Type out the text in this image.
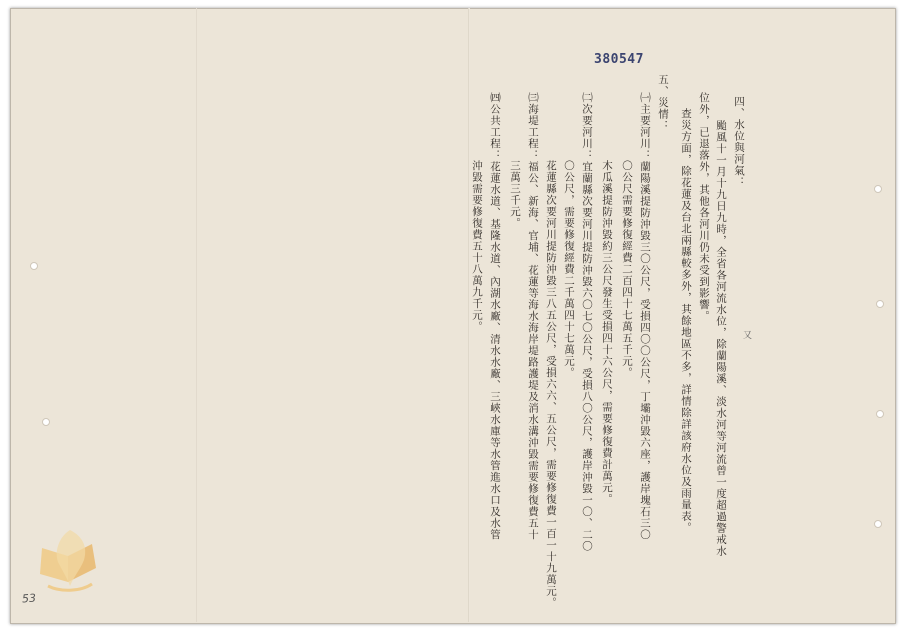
380547
四、水位與河氣：
颱風十一月十九日九時，全省各河流水位，除蘭陽溪、淡水河等河流曾一度超過警戒水
位外，已退落外，其他各河川仍未受到影響。
查災方面，除花蓮及台北兩縣較多外，其餘地區不多，詳情除詳該府水位及雨量表。
五、災情：
㈠主要河川：蘭陽溪提防沖毀三〇公尺，受損四〇〇公尺，丁壩沖毀六座，護岸塊石三〇
〇公尺需要修復經費二百四十七萬五千元。
木瓜溪提防沖毀約三公尺發生受損四十六公尺，需要修復費計萬元。
㈡次要河川：宜蘭縣次要河川提防沖毀六〇七〇公尺，受損八〇公尺，護岸沖毀一〇、二〇
〇公尺，需要修復經費二千萬四十七萬元。
花蓮縣次要河川提防沖毀三八五公尺，受損六六、五公尺，需要修復費一百一十九萬元。
㈢海堤工程：福公、新海、官埔、花蓮等海水海岸堤路護堤及消水溝沖毀需要修復費五十
三萬三千元。
㈣公共工程：花蓮水道、基隆水道、內湖水廠、清水水廠、三峽水庫等水管進水口及水管
沖毀需要修復費五十八萬九千元。
又
53
